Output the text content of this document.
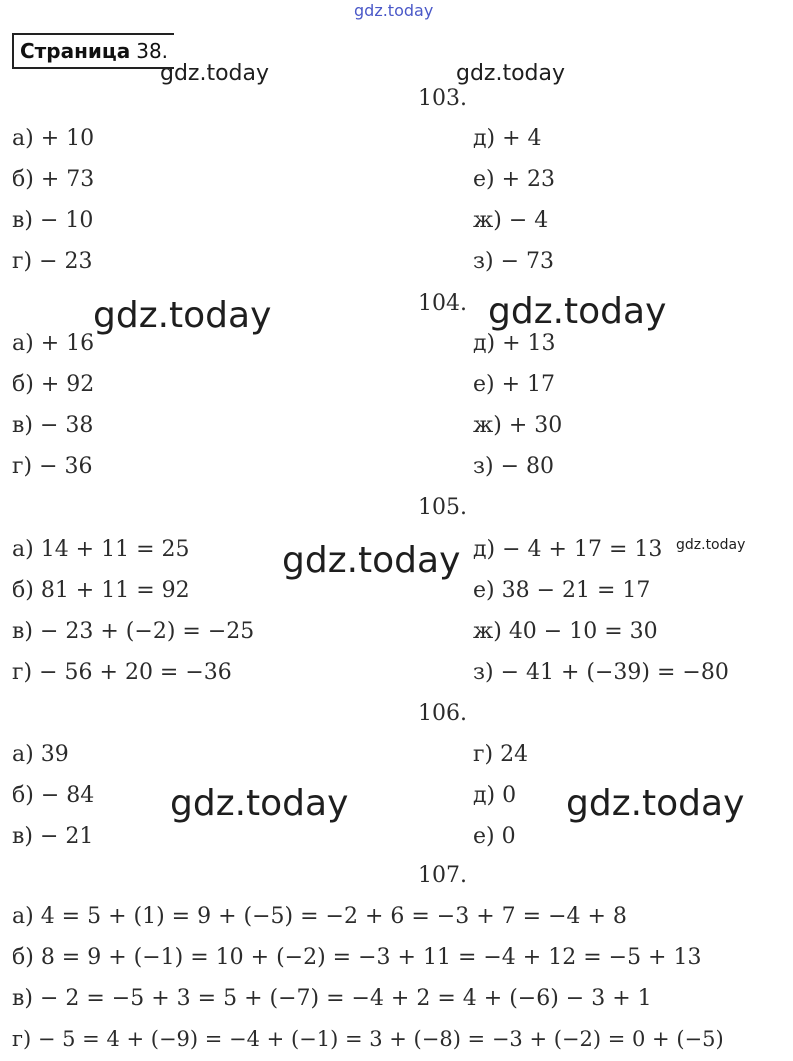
gdz.today
gdz.today	gdz.today
gdz.today	gdz.today
gdz.today	gdz.today
gdz.today	gdz.today
Страница 38.
103.
а) + 10
б) + 73
в) − 10
г) − 23
д) + 4
е) + 23
ж) − 4
з) − 73
104.
а) + 16
б) + 92
в) − 38
г) − 36
д) + 13
е) + 17
ж) + 30
з) − 80
105.
а) 14 + 11 = 25
б) 81 + 11 = 92
в) − 23 + (−2) = −25
г) − 56 + 20 = −36
д) − 4 + 17 = 13
е) 38 − 21 = 17
ж) 40 − 10 = 30
з) − 41 + (−39) = −80
106.
а) 39
б) − 84
в) − 21
г) 24
д) 0
е) 0
107.
а) 4 = 5 + (1) = 9 + (−5) = −2 + 6 = −3 + 7 = −4 + 8
б) 8 = 9 + (−1) = 10 + (−2) = −3 + 11 = −4 + 12 = −5 + 13
в) − 2 = −5 + 3 = 5 + (−7) = −4 + 2 = 4 + (−6) − 3 + 1
г) − 5 = 4 + (−9) = −4 + (−1) = 3 + (−8) = −3 + (−2) = 0 + (−5)
